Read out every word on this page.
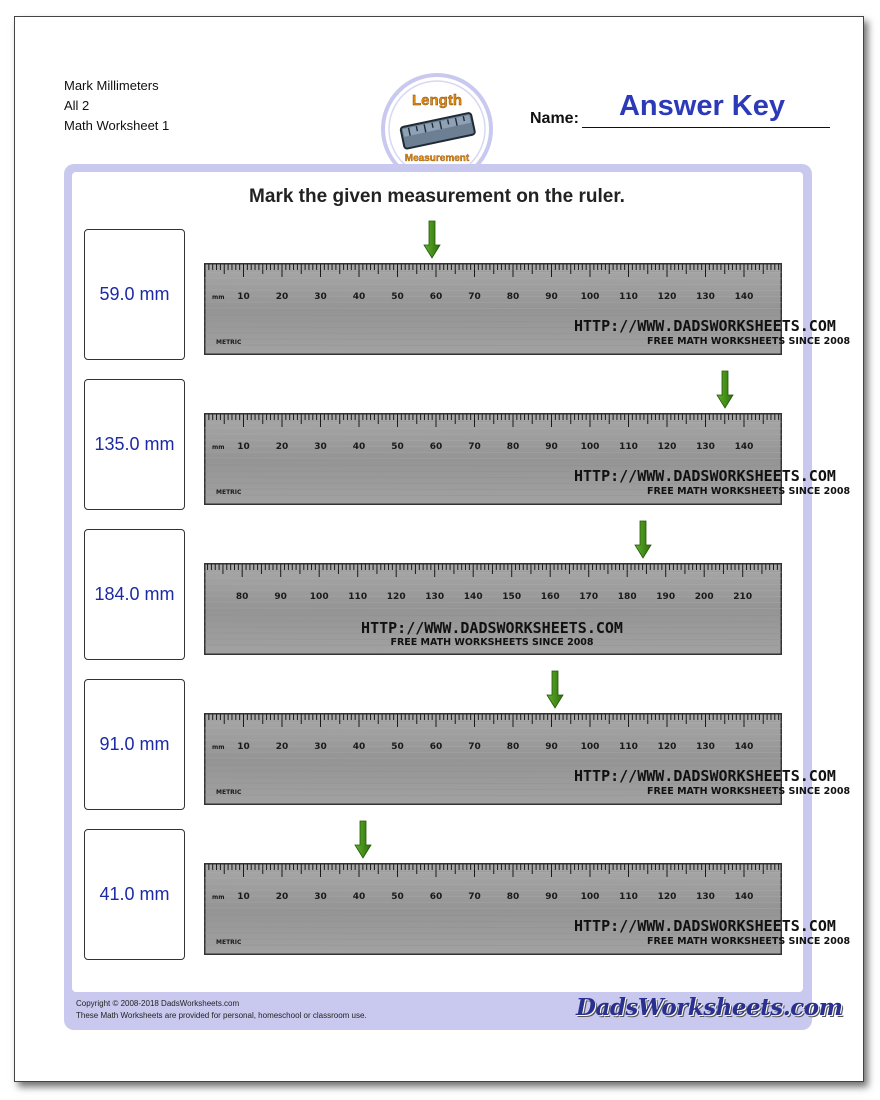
Mark Millimeters
All 2
Math Worksheet 1
Length
Measurement
Name:	Answer Key
Mark the given measurement on the ruler.
59.0 mm	10	20	30	40	50	60	70	80	90	100 110 120 130 140
mm
METRIC
HTTP://WWW.DADSWORKSHEETS.COM
FREE MATH WORKSHEETS SINCE 2008
135.0 mm	10	20	30	40	50	60	70	80	90	100 110 120 130 140
mm
METRIC
HTTP://WWW.DADSWORKSHEETS.COM
FREE MATH WORKSHEETS SINCE 2008
184.0 mm	80	90	100 110 120 130 140 150 160 170 180 190 200 210
HTTP://WWW.DADSWORKSHEETS.COM
FREE MATH WORKSHEETS SINCE 2008
91.0 mm	10	20	30	40	50	60	70	80	90	100 110 120 130 140
mm
METRIC
HTTP://WWW.DADSWORKSHEETS.COM
FREE MATH WORKSHEETS SINCE 2008
41.0 mm	10	20	30	40	50	60	70	80	90	100 110 120 130 140
mm
METRIC
HTTP://WWW.DADSWORKSHEETS.COM
FREE MATH WORKSHEETS SINCE 2008
Copyright © 2008-2018 DadsWorksheets.com
These Math Worksheets are provided for personal, homeschool or classroom use.	DadsWorksheets.com
